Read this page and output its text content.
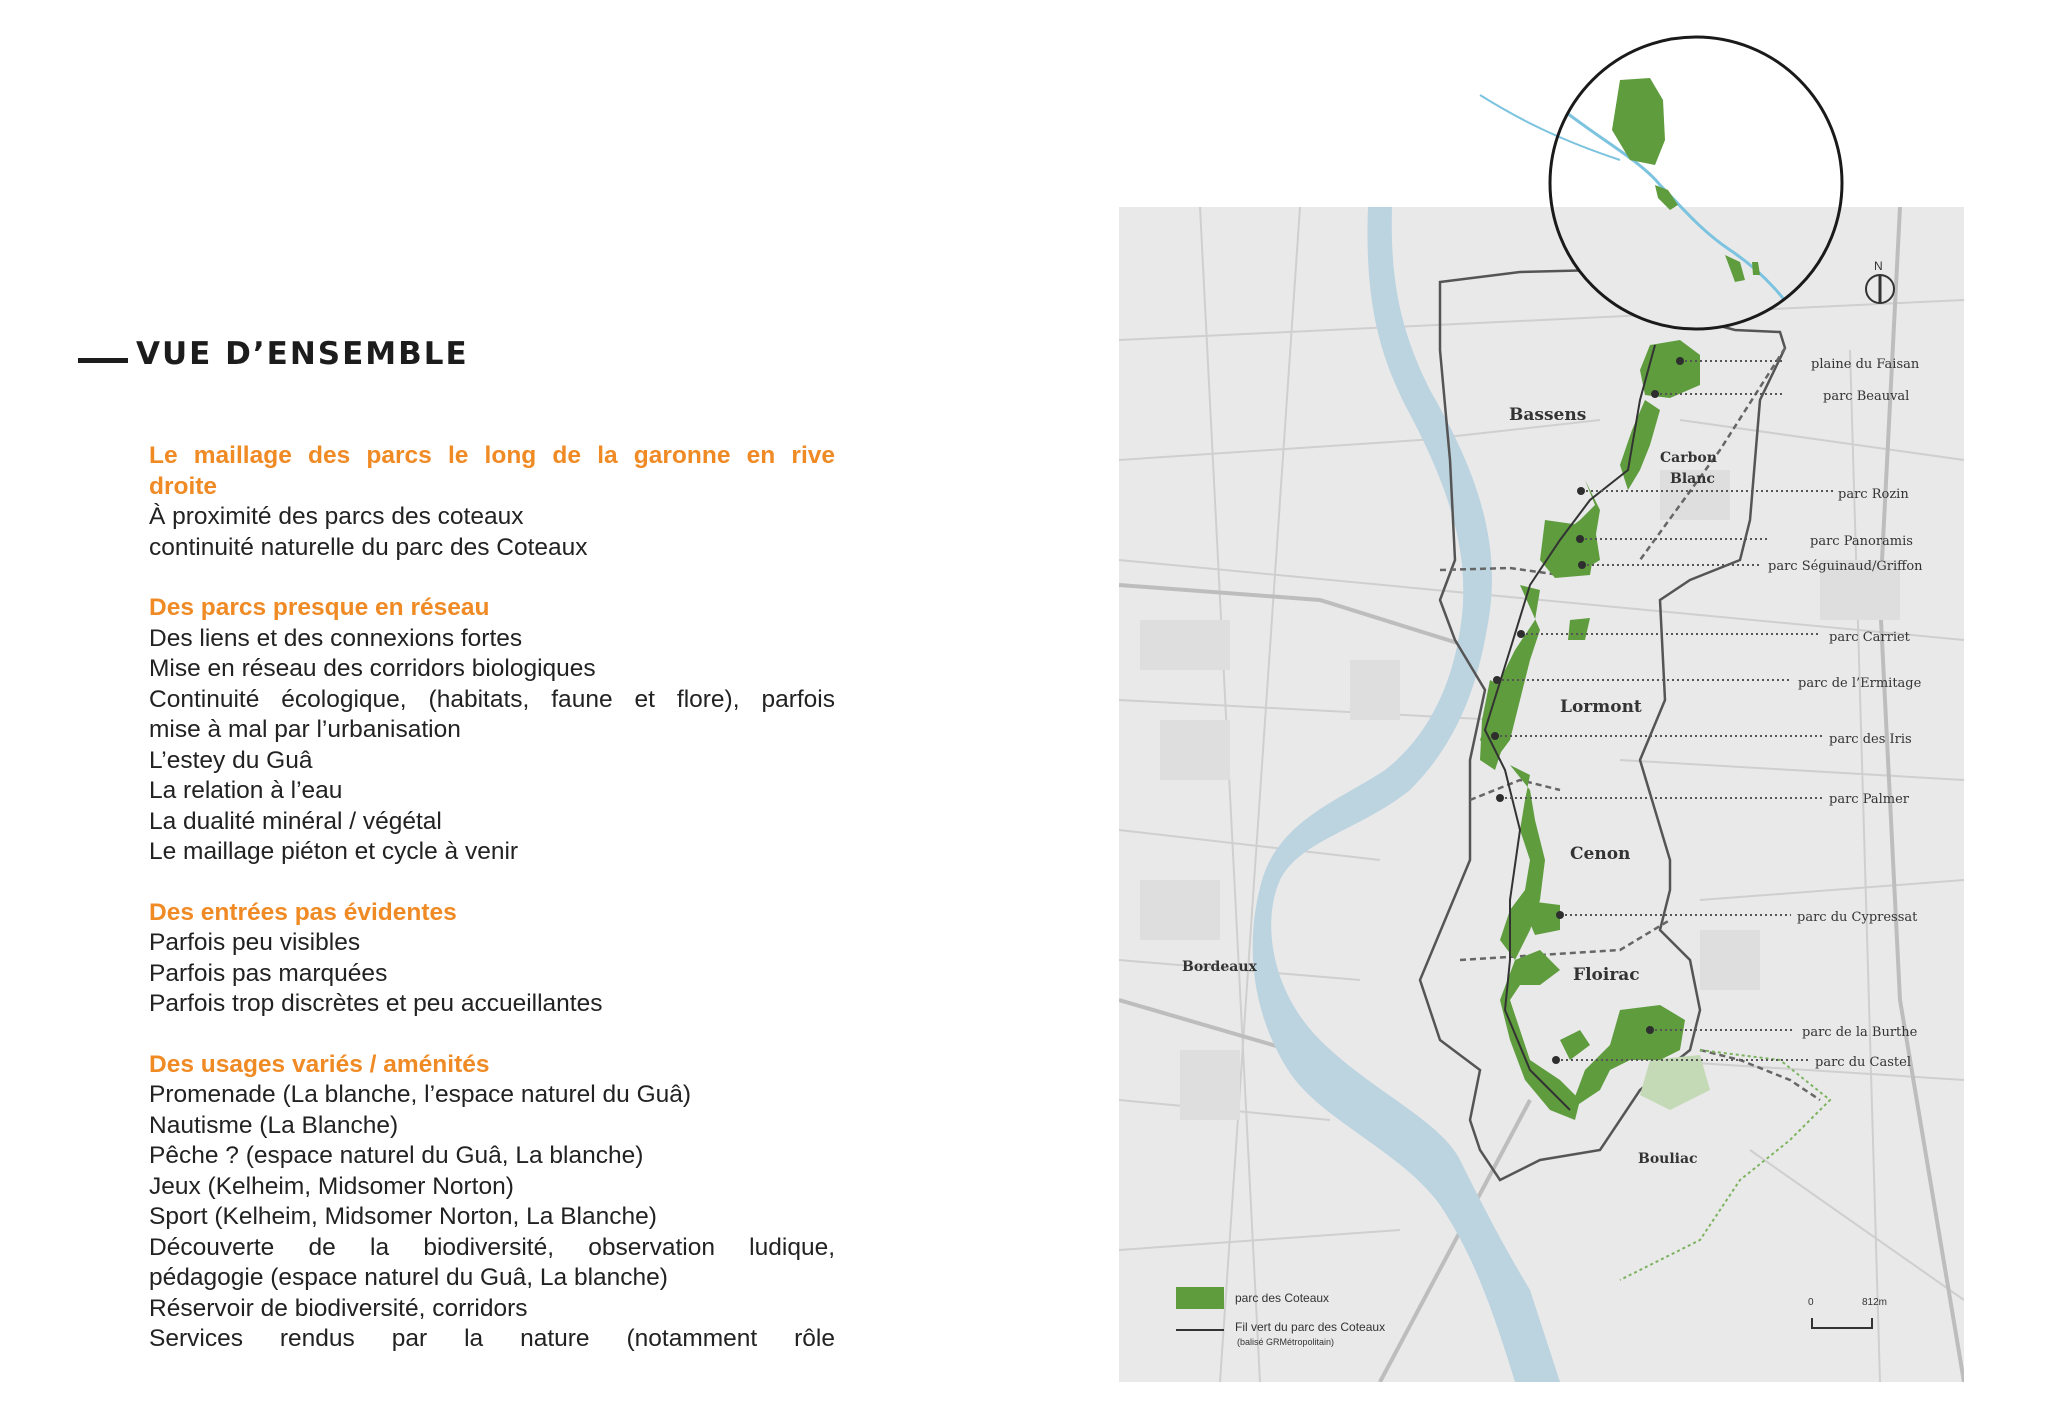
VUE D’ENSEMBLE
Le maillage des parcs le long de la garonne en rive
droite
À proximité des parcs des coteaux
continuité naturelle du parc des Coteaux
Des parcs presque en réseau
Des liens et des connexions fortes
Mise en réseau des corridors biologiques
Continuité écologique, (habitats, faune et flore), parfois
mise à mal par l’urbanisation
L’estey du Guâ
La relation à l’eau
La dualité minéral / végétal
Le maillage piéton et cycle à venir
Des entrées pas évidentes
Parfois peu visibles
Parfois pas marquées
Parfois trop discrètes et peu accueillantes
Des usages variés / aménités
Promenade (La blanche, l’espace naturel du Guâ)
Nautisme (La Blanche)
Pêche ? (espace naturel du Guâ, La blanche)
Jeux (Kelheim, Midsomer Norton)
Sport (Kelheim, Midsomer Norton, La Blanche)
Découverte de la biodiversité, observation ludique,
pédagogie (espace naturel du Guâ, La blanche)
Réservoir de biodiversité, corridors
Services rendus par la nature (notamment rôle
Bassens
Carbon
Blanc
Lormont
Cenon
Floirac
Bordeaux
Bouliac
plaine du Faisan
parc Beauval
parc Rozin
parc Panoramis
parc Séguinaud/Griffon
parc Carriet
parc de l’Ermitage
parc des Iris
parc Palmer
parc du Cypressat
parc de la Burthe
parc du Castel
N
parc des Coteaux
Fil vert du parc des Coteaux
(balisé GRMétropolitain)
0	812m
